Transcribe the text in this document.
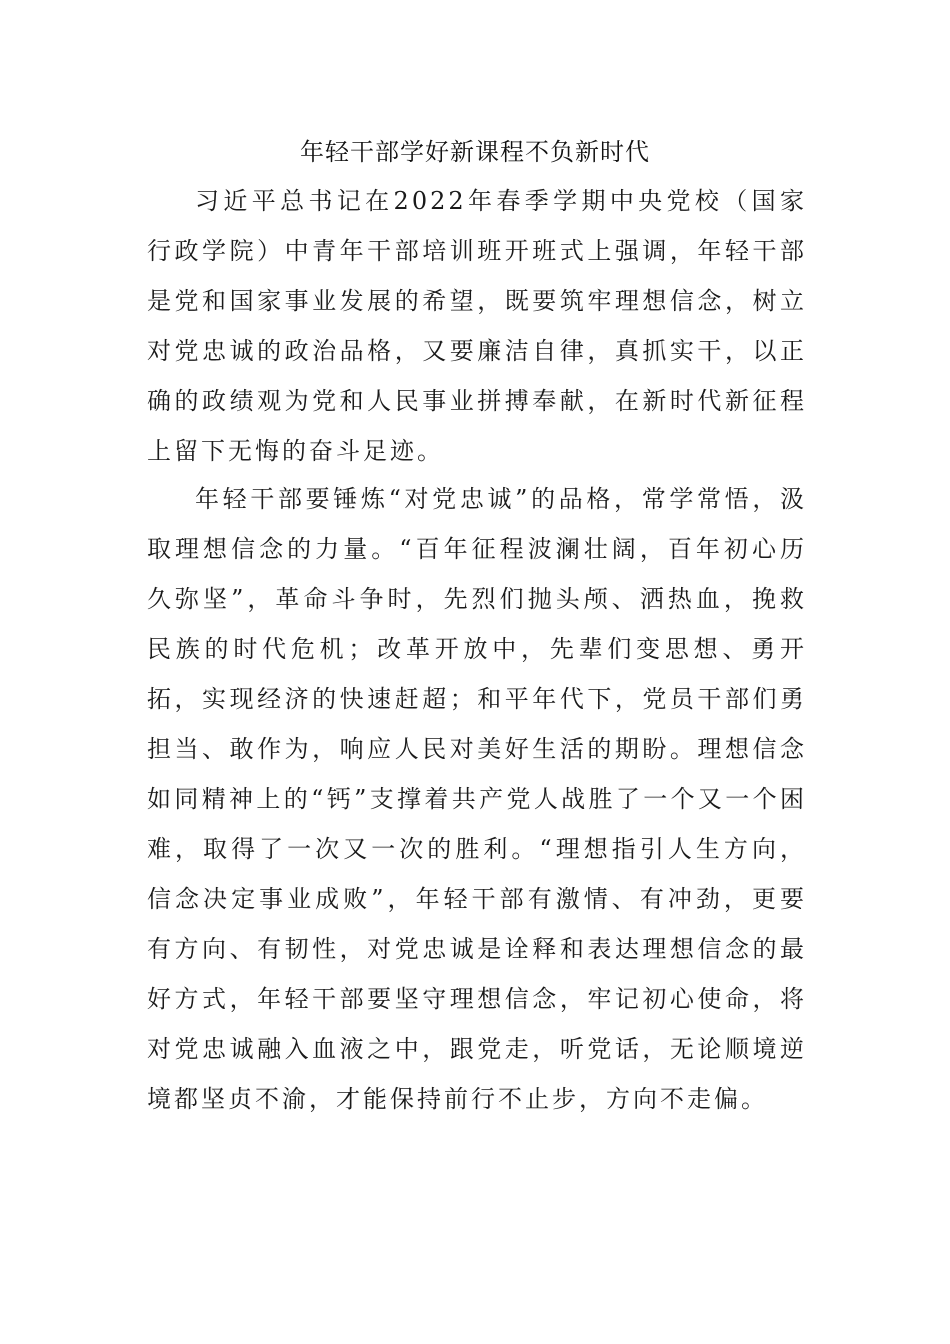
年轻干部学好新课程不负新时代

习近平总书记在2022年春季学期中央党校（国家行政学院）中青年干部培训班开班式上强调，年轻干部是党和国家事业发展的希望，既要筑牢理想信念，树立对党忠诚的政治品格，又要廉洁自律，真抓实干，以正确的政绩观为党和人民事业拼搏奉献，在新时代新征程上留下无悔的奋斗足迹。

年轻干部要锤炼“对党忠诚”的品格，常学常悟，汲取理想信念的力量。“百年征程波澜壮阔，百年初心历久弥坚”，革命斗争时，先烈们抛头颅、洒热血，挽救民族的时代危机；改革开放中，先辈们变思想、勇开拓，实现经济的快速赶超；和平年代下，党员干部们勇担当、敢作为，响应人民对美好生活的期盼。理想信念如同精神上的“钙”支撑着共产党人战胜了一个又一个困难，取得了一次又一次的胜利。“理想指引人生方向，信念决定事业成败”，年轻干部有激情、有冲劲，更要有方向、有韧性，对党忠诚是诠释和表达理想信念的最好方式，年轻干部要坚守理想信念，牢记初心使命，将对党忠诚融入血液之中，跟党走，听党话，无论顺境逆境都坚贞不渝，才能保持前行不止步，方向不走偏。
